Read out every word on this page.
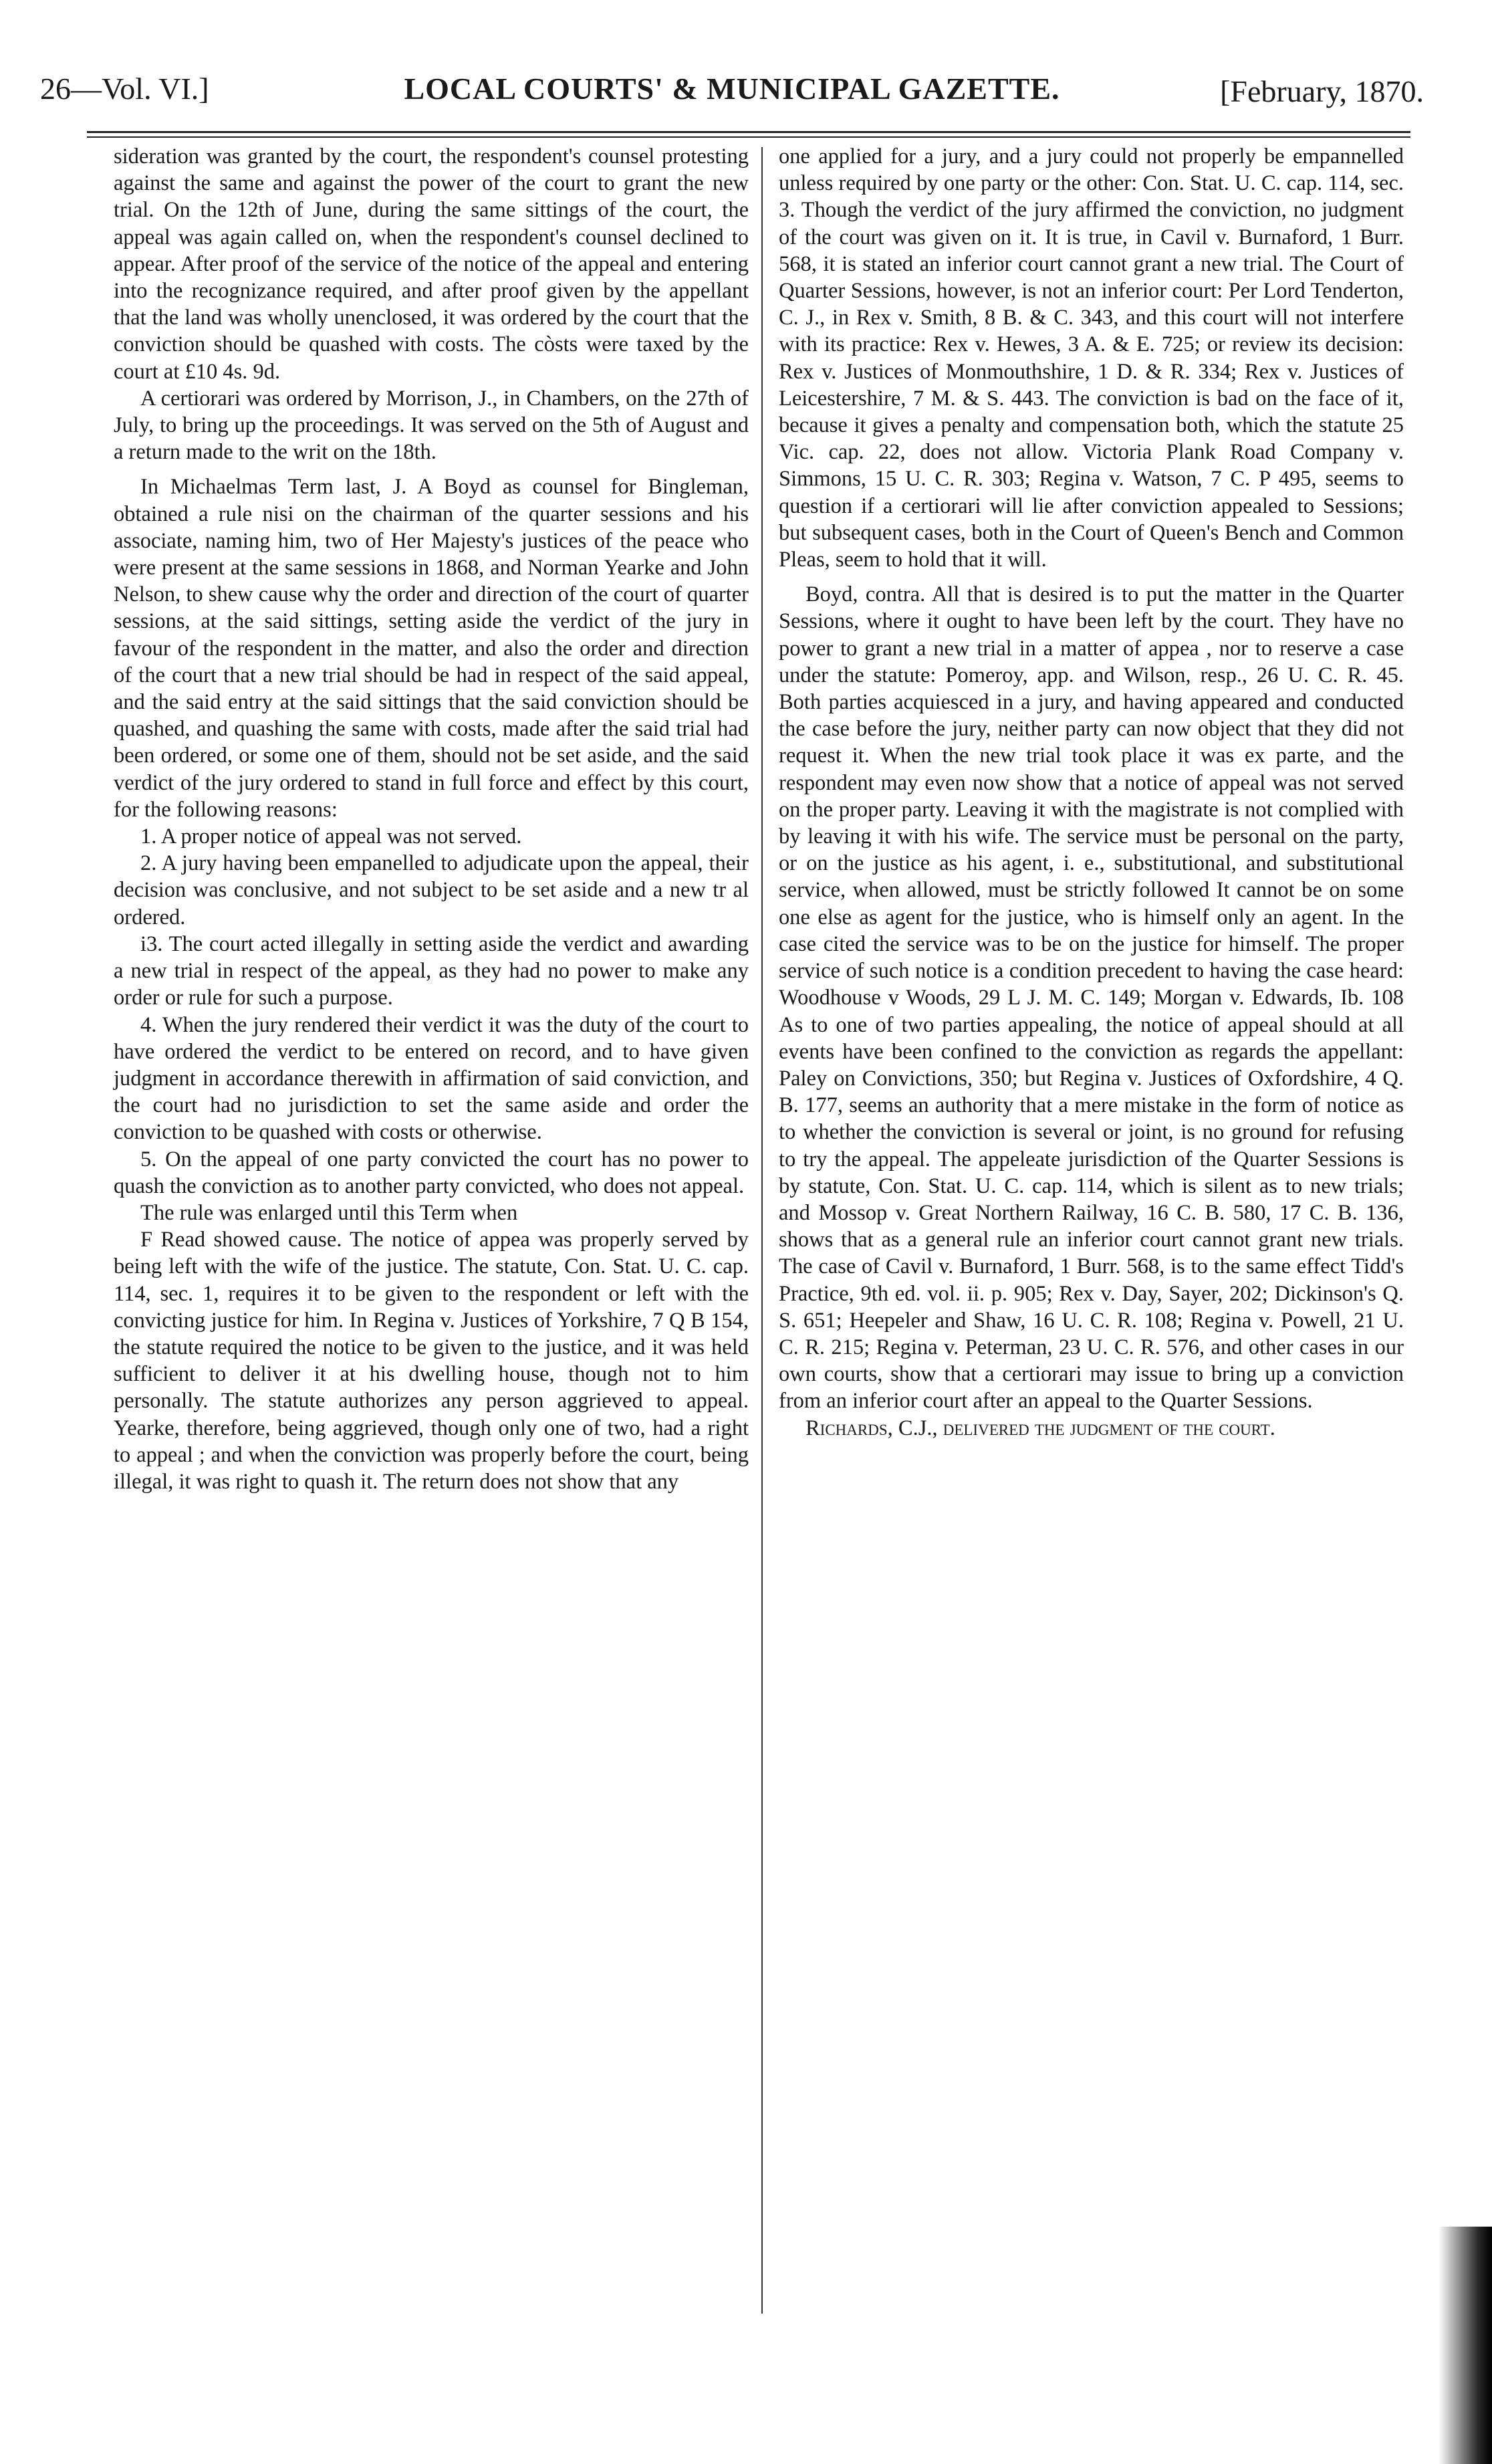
26—Vol. VI.]	LOCAL COURTS' & MUNICIPAL GAZETTE.	[February, 1870.

sideration was granted by the court, the respondent's counsel protesting against the same and against the power of the court to grant the new trial. On the 12th of June, during the same sittings of the court, the appeal was again called on, when the respondent's counsel declined to appear. After proof of the service of the notice of the appeal and entering into the recognizance required, and after proof given by the appellant that the land was wholly unenclosed, it was ordered by the court that the conviction should be quashed with costs. The còsts were taxed by the court at £10 4s. 9d.

A certiorari was ordered by Morrison, J., in Chambers, on the 27th of July, to bring up the proceedings. It was served on the 5th of August and a return made to the writ on the 18th.

In Michaelmas Term last, J. A Boyd as counsel for Bingleman, obtained a rule nisi on the chairman of the quarter sessions and his associate, naming him, two of Her Majesty's justices of the peace who were present at the same sessions in 1868, and Norman Yearke and John Nelson, to shew cause why the order and direction of the court of quarter sessions, at the said sittings, setting aside the verdict of the jury in favour of the respondent in the matter, and also the order and direction of the court that a new trial should be had in respect of the said appeal, and the said entry at the said sittings that the said conviction should be quashed, and quashing the same with costs, made after the said trial had been ordered, or some one of them, should not be set aside, and the said verdict of the jury ordered to stand in full force and effect by this court, for the following reasons:

1. A proper notice of appeal was not served.

2. A jury having been empanelled to adjudicate upon the appeal, their decision was conclusive, and not subject to be set aside and a new tr al ordered.

i3. The court acted illegally in setting aside the verdict and awarding a new trial in respect of the appeal, as they had no power to make any order or rule for such a purpose.

4. When the jury rendered their verdict it was the duty of the court to have ordered the verdict to be entered on record, and to have given judgment in accordance therewith in affirmation of said conviction, and the court had no jurisdiction to set the same aside and order the conviction to be quashed with costs or otherwise.

5. On the appeal of one party convicted the court has no power to quash the conviction as to another party convicted, who does not appeal.

The rule was enlarged until this Term when

F Read showed cause. The notice of appea was properly served by being left with the wife of the justice. The statute, Con. Stat. U. C. cap. 114, sec. 1, requires it to be given to the respondent or left with the convicting justice for him. In Regina v. Justices of Yorkshire, 7 Q B 154, the statute required the notice to be given to the justice, and it was held sufficient to deliver it at his dwelling house, though not to him personally. The statute authorizes any person aggrieved to appeal. Yearke, therefore, being aggrieved, though only one of two, had a right to appeal ; and when the conviction was properly before the court, being illegal, it was right to quash it. The return does not show that any

one applied for a jury, and a jury could not properly be empannelled unless required by one party or the other: Con. Stat. U. C. cap. 114, sec. 3. Though the verdict of the jury affirmed the conviction, no judgment of the court was given on it. It is true, in Cavil v. Burnaford, 1 Burr. 568, it is stated an inferior court cannot grant a new trial. The Court of Quarter Sessions, however, is not an inferior court: Per Lord Tenderton, C. J., in Rex v. Smith, 8 B. & C. 343, and this court will not interfere with its practice: Rex v. Hewes, 3 A. & E. 725; or review its decision: Rex v. Justices of Monmouthshire, 1 D. & R. 334; Rex v. Justices of Leicestershire, 7 M. & S. 443. The conviction is bad on the face of it, because it gives a penalty and compensation both, which the statute 25 Vic. cap. 22, does not allow. Victoria Plank Road Company v. Simmons, 15 U. C. R. 303; Regina v. Watson, 7 C. P 495, seems to question if a certiorari will lie after conviction appealed to Sessions; but subsequent cases, both in the Court of Queen's Bench and Common Pleas, seem to hold that it will.

Boyd, contra. All that is desired is to put the matter in the Quarter Sessions, where it ought to have been left by the court. They have no power to grant a new trial in a matter of appea , nor to reserve a case under the statute: Pomeroy, app. and Wilson, resp., 26 U. C. R. 45. Both parties acquiesced in a jury, and having appeared and conducted the case before the jury, neither party can now object that they did not request it. When the new trial took place it was ex parte, and the respondent may even now show that a notice of appeal was not served on the proper party. Leaving it with the magistrate is not complied with by leaving it with his wife. The service must be personal on the party, or on the justice as his agent, i. e., substitutional, and substitutional service, when allowed, must be strictly followed It cannot be on some one else as agent for the justice, who is himself only an agent. In the case cited the service was to be on the justice for himself. The proper service of such notice is a condition precedent to having the case heard: Woodhouse v Woods, 29 L J. M. C. 149; Morgan v. Edwards, Ib. 108 As to one of two parties appealing, the notice of appeal should at all events have been confined to the conviction as regards the appellant: Paley on Convictions, 350; but Regina v. Justices of Oxfordshire, 4 Q. B. 177, seems an authority that a mere mistake in the form of notice as to whether the conviction is several or joint, is no ground for refusing to try the appeal. The appeleate jurisdiction of the Quarter Sessions is by statute, Con. Stat. U. C. cap. 114, which is silent as to new trials; and Mossop v. Great Northern Railway, 16 C. B. 580, 17 C. B. 136, shows that as a general rule an inferior court cannot grant new trials. The case of Cavil v. Burnaford, 1 Burr. 568, is to the same effect Tidd's Practice, 9th ed. vol. ii. p. 905; Rex v. Day, Sayer, 202; Dickinson's Q. S. 651; Heepeler and Shaw, 16 U. C. R. 108; Regina v. Powell, 21 U. C. R. 215; Regina v. Peterman, 23 U. C. R. 576, and other cases in our own courts, show that a certiorari may issue to bring up a conviction from an inferior court after an appeal to the Quarter Sessions.

Richards, C.J., delivered the judgment of the court.
